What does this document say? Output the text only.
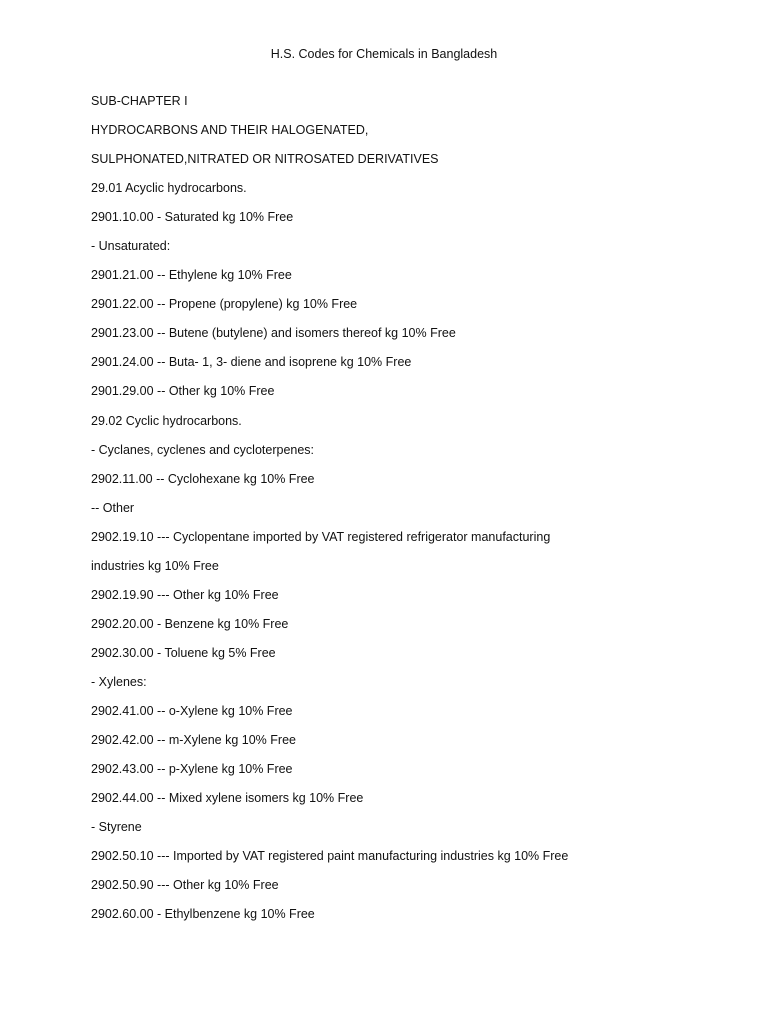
H.S. Codes for Chemicals in Bangladesh
SUB-CHAPTER I
HYDROCARBONS AND THEIR HALOGENATED,
SULPHONATED,NITRATED OR NITROSATED DERIVATIVES
29.01 Acyclic hydrocarbons.
2901.10.00 - Saturated kg 10% Free
- Unsaturated:
2901.21.00 -- Ethylene kg 10% Free
2901.22.00 -- Propene (propylene) kg 10% Free
2901.23.00 -- Butene (butylene) and isomers thereof kg 10% Free
2901.24.00 -- Buta- 1, 3- diene and isoprene kg 10% Free
2901.29.00 -- Other kg 10% Free
29.02 Cyclic hydrocarbons.
- Cyclanes, cyclenes and cycloterpenes:
2902.11.00 -- Cyclohexane kg 10% Free
-- Other
2902.19.10 --- Cyclopentane imported by VAT registered refrigerator manufacturing
industries kg 10% Free
2902.19.90 --- Other kg 10% Free
2902.20.00 - Benzene kg 10% Free
2902.30.00 - Toluene kg 5% Free
- Xylenes:
2902.41.00 -- o-Xylene kg 10% Free
2902.42.00 -- m-Xylene kg 10% Free
2902.43.00 -- p-Xylene kg 10% Free
2902.44.00 -- Mixed xylene isomers kg 10% Free
- Styrene
2902.50.10 --- Imported by VAT registered paint manufacturing industries kg 10% Free
2902.50.90 --- Other kg 10% Free
2902.60.00 - Ethylbenzene kg 10% Free
